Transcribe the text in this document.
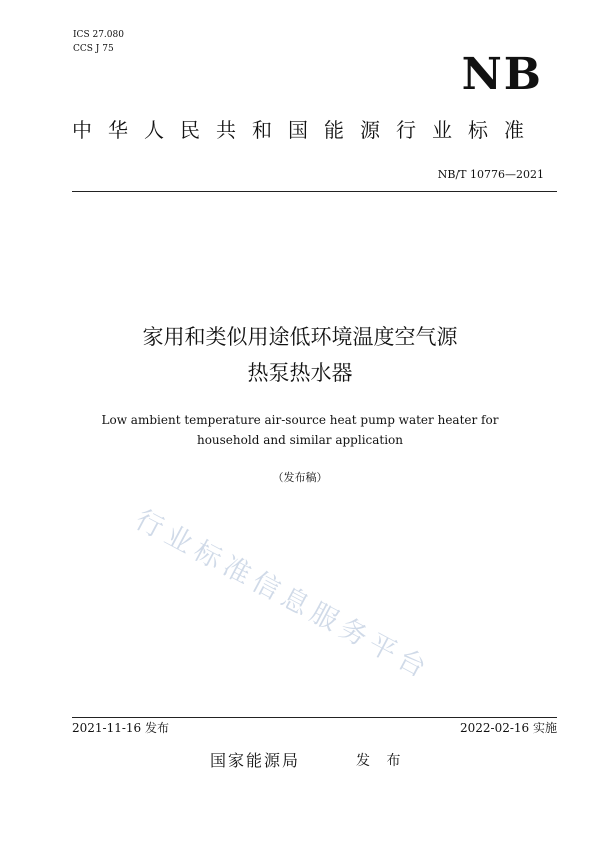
ICS 27.080
CCS J 75	NB
中华人民共和国能源行业标准
NB/T 10776—2021
家用和类似用途低环境温度空气源
热泵热水器
Low ambient temperature air-source heat pump water heater for
household and similar application
（发布稿）
行业标准信息服务平台
2021-11-16 发布	2022-02-16 实施
国家能源局	发 布
